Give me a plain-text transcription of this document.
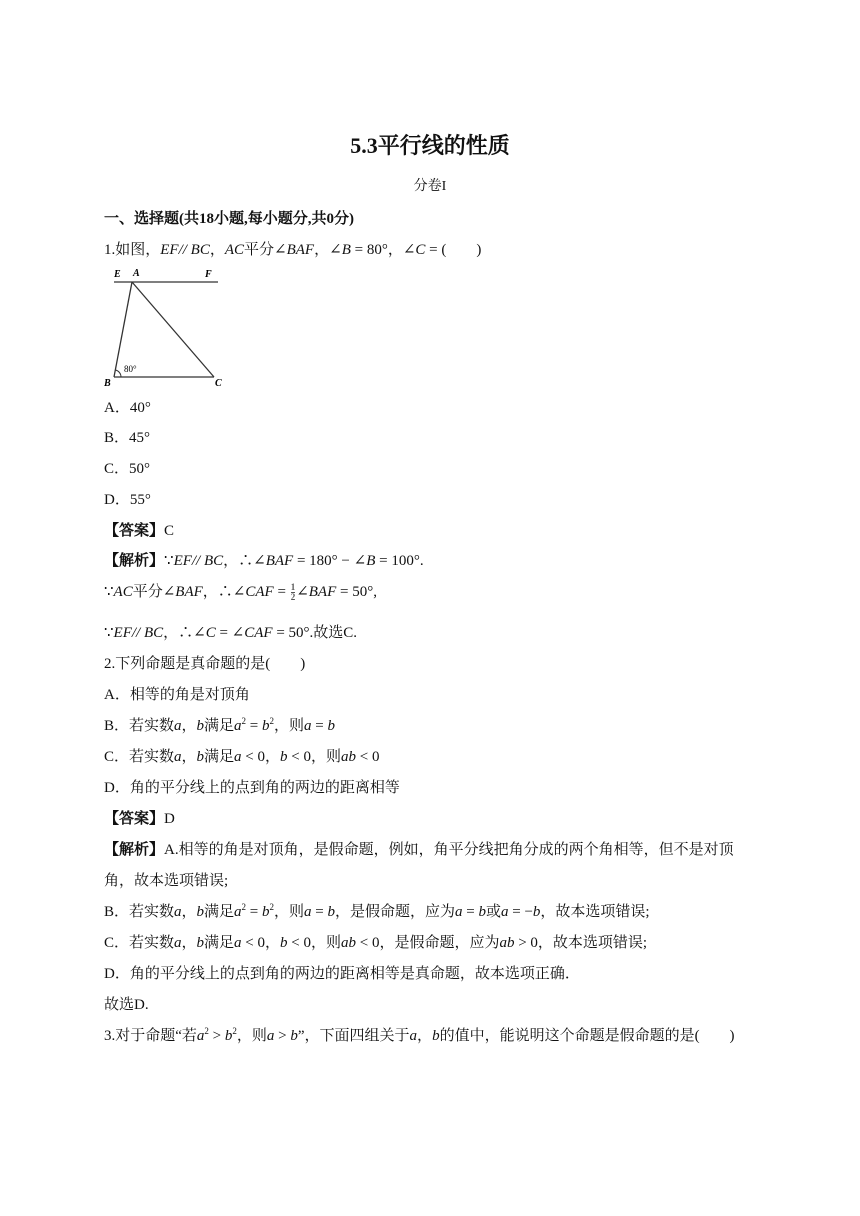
5.3平行线的性质
分卷I
一、选择题(共18小题,每小题分,共0分)
1.如图，EF// BC，AC平分∠BAF，∠B = 80°，∠C = (　　)
E A	F
B	C
80°
A．40°
B．45°
C．50°
D．55°
【答案】C
【解析】∵EF// BC，∴∠BAF = 180° − ∠B = 100°.
∵AC平分∠BAF，∴∠CAF = $\frac{1}{2}$ ∠BAF = 50°,
∵EF// BC，∴∠C = ∠CAF = 50°.故选C.
2.下列命题是真命题的是(　　)
A．相等的角是对顶角
B．若实数a，b满足$a^2 = b^2$，则a = b
C．若实数a，b满足a < 0，b < 0，则ab < 0
D．角的平分线上的点到角的两边的距离相等
【答案】D
【解析】A.相等的角是对顶角，是假命题，例如，角平分线把角分成的两个角相等，但不是对顶
角，故本选项错误;
B．若实数a，b满足$a^2 = b^2$，则a = b，是假命题，应为a = b或a = −b，故本选项错误;
C．若实数a，b满足a < 0，b < 0，则ab < 0，是假命题，应为ab > 0，故本选项错误;
D．角的平分线上的点到角的两边的距离相等是真命题，故本选项正确．
故选D.
3.对于命题“若$a^2 > b^2$，则a > b”，下面四组关于a，b的值中，能说明这个命题是假命题的是(　　)
